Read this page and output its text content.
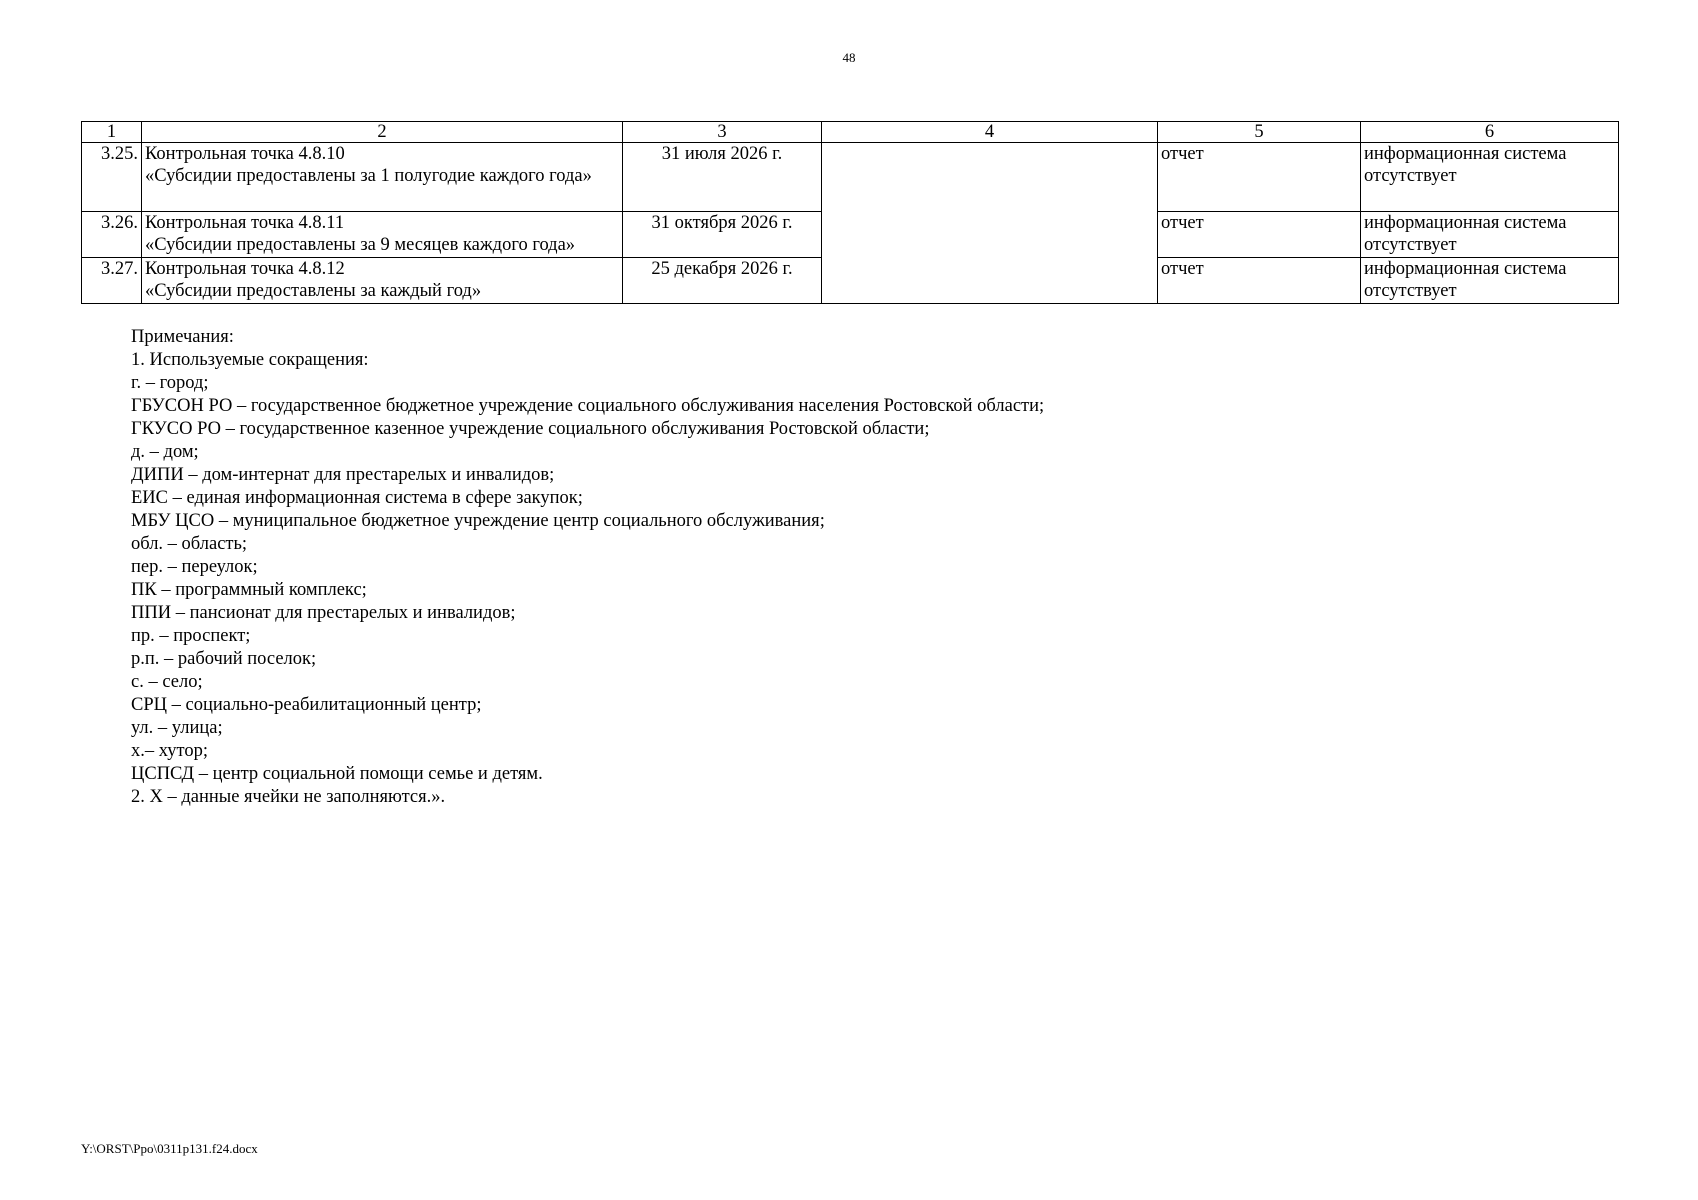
48
1	2	3	4	5	6
3.25.	Контрольная точка 4.8.10
«Субсидии предоставлены за 1 полугодие каждого года»	31 июля 2026 г.		отчет	информационная система отсутствует
3.26.	Контрольная точка 4.8.11
«Субсидии предоставлены за 9 месяцев каждого года»	31 октября 2026 г.		отчет	информационная система отсутствует
3.27.	Контрольная точка 4.8.12
«Субсидии предоставлены за каждый год»	25 декабря 2026 г.		отчет	информационная система отсутствует
Примечания:
1. Используемые сокращения:
г. – город;
ГБУСОН РО – государственное бюджетное учреждение социального обслуживания населения Ростовской области;
ГКУСО РО – государственное казенное учреждение социального обслуживания Ростовской области;
д. – дом;
ДИПИ – дом-интернат для престарелых и инвалидов;
ЕИС – единая информационная система в сфере закупок;
МБУ ЦСО – муниципальное бюджетное учреждение центр социального обслуживания;
обл. – область;
пер. – переулок;
ПК – программный комплекс;
ППИ – пансионат для престарелых и инвалидов;
пр. – проспект;
р.п. – рабочий поселок;
с. – село;
СРЦ – социально-реабилитационный центр;
ул. – улица;
х.– хутор;
ЦСПСД – центр социальной помощи семье и детям.
2. Х – данные ячейки не заполняются.».
Y:\ORST\Ppo\0311p131.f24.docx
